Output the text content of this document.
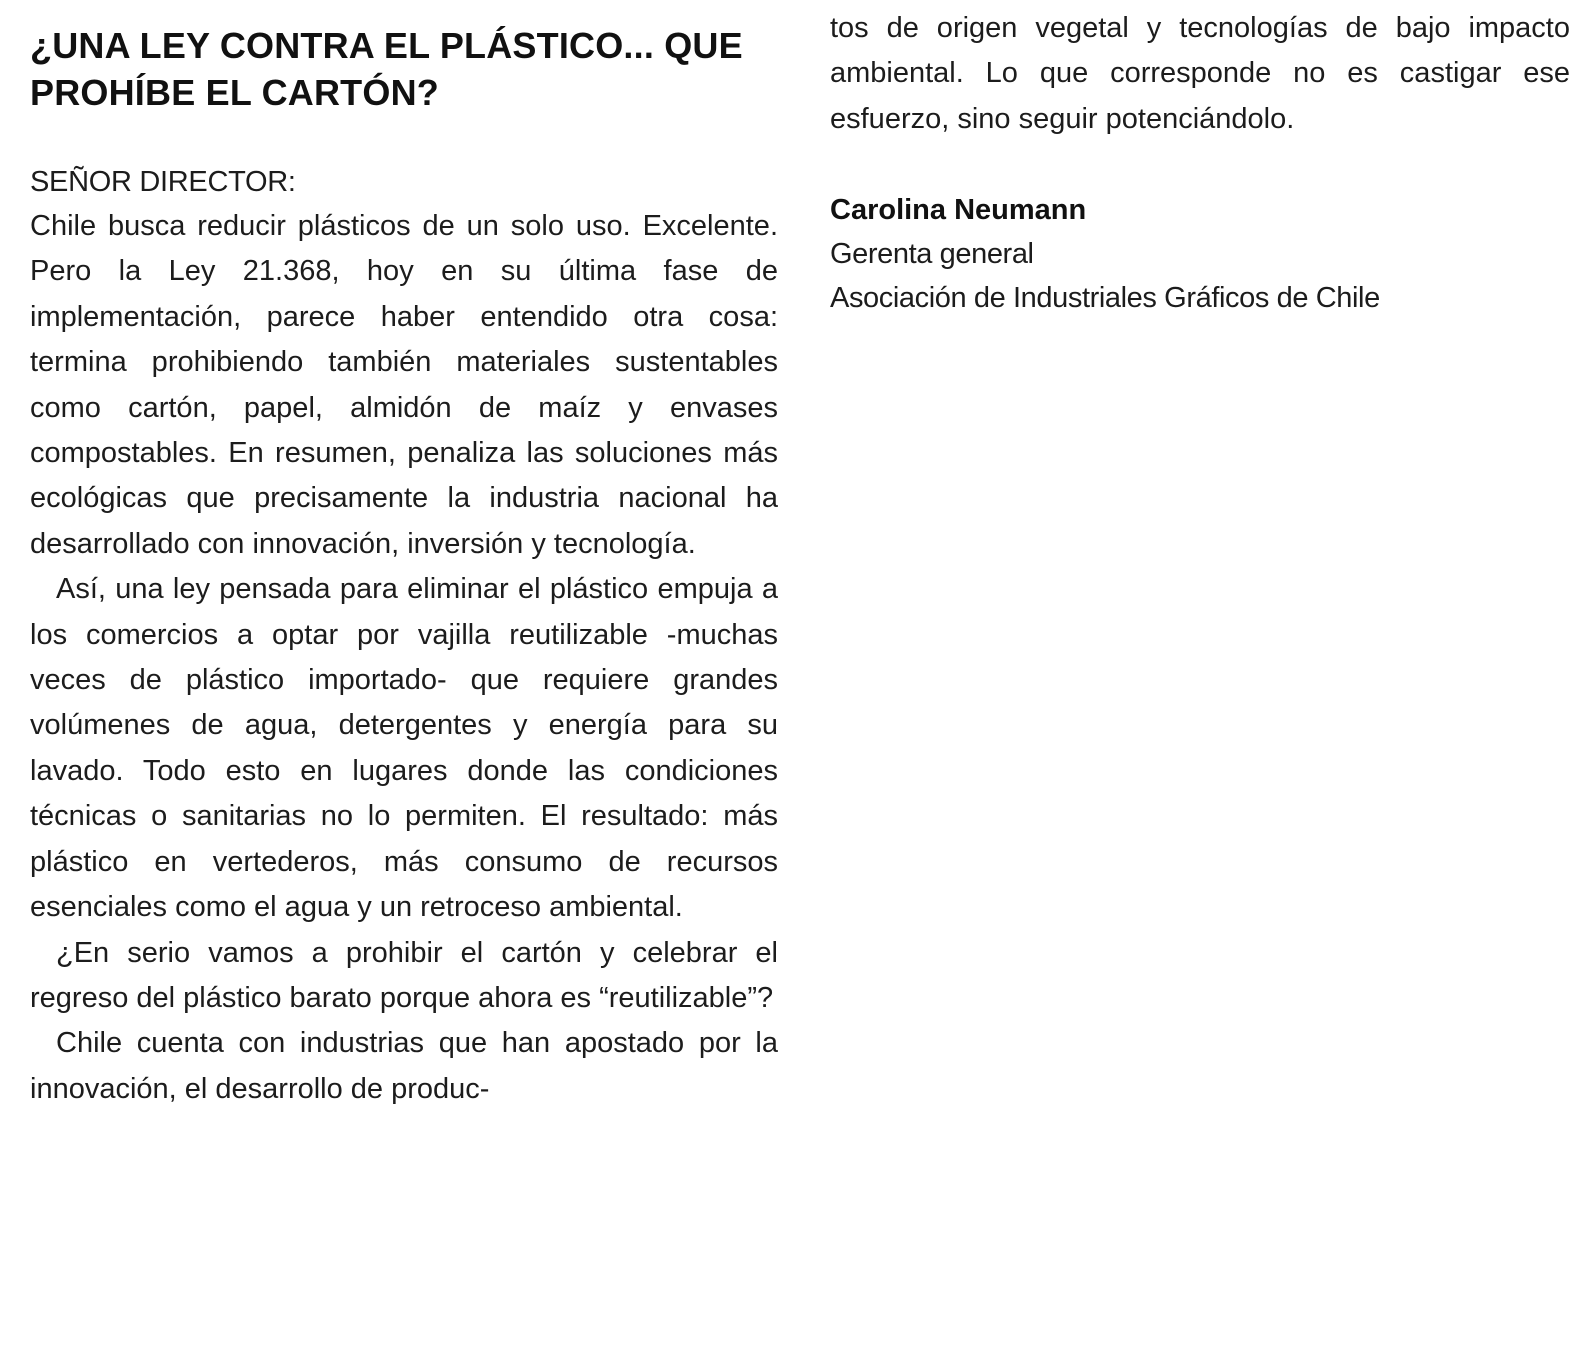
¿UNA LEY CONTRA EL PLÁSTICO... QUE PROHÍBE EL CARTÓN?
SEÑOR DIRECTOR:

Chile busca reducir plásticos de un solo uso. Excelente. Pero la Ley 21.368, hoy en su última fase de implementación, parece haber entendido otra cosa: termina prohibiendo también materiales sustentables como cartón, papel, almidón de maíz y envases compostables. En resumen, penaliza las soluciones más ecológicas que precisamente la industria nacional ha desarrollado con innovación, inversión y tecnología.

Así, una ley pensada para eliminar el plástico empuja a los comercios a optar por vajilla reutilizable -muchas veces de plástico importado- que requiere grandes volúmenes de agua, detergentes y energía para su lavado. Todo esto en lugares donde las condiciones técnicas o sanitarias no lo permiten. El resultado: más plástico en vertederos, más consumo de recursos esenciales como el agua y un retroceso ambiental.

¿En serio vamos a prohibir el cartón y celebrar el regreso del plástico barato porque ahora es “reutilizable”?

Chile cuenta con industrias que han apostado por la innovación, el desarrollo de produc-

tos de origen vegetal y tecnologías de bajo impacto ambiental. Lo que corresponde no es castigar ese esfuerzo, sino seguir potenciándolo.

Carolina Neumann
Gerenta general
Asociación de Industriales Gráficos de Chile
